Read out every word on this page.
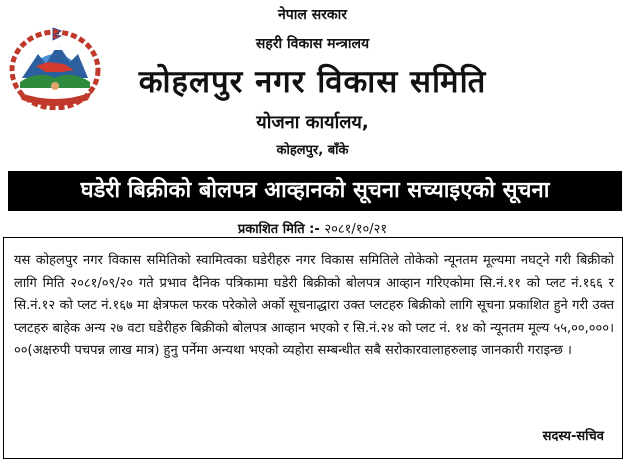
नेपाल सरकार
सहरी विकास मन्त्रालय
कोहलपुर नगर विकास समिति
योजना कार्यालय,
कोहलपुर, बाँके
घडेरी बिक्रीको बोलपत्र आव्हानको सूचना सच्याइएको सूचना
प्रकाशित मिति :- २०८१/१०/२१

यस कोहलपुर नगर विकास समितिको स्वामित्वका घडेरीहरु नगर विकास समितिले तोकेको न्यूनतम मूल्यमा नघट्ने गरी बिक्रीको लागि मिति २०८१/०९/२० गते प्रभाव दैनिक पत्रिकामा घडेरी बिक्रीको बोलपत्र आव्हान गरिएकोमा सि.नं.११ को प्लट नं.१६६ र सि.नं.१२ को प्लट नं.१६७ मा क्षेत्रफल फरक परेकोले अर्को सूचनाद्धारा उक्त प्लटहरु बिक्रीको लागि सूचना प्रकाशित हुने गरी उक्त प्लटहरु बाहेक अन्य २७ वटा घडेरीहरु बिक्रीको बोलपत्र आव्हान भएको र सि.नं.२४ को प्लट नं. १४ को न्यूनतम मूल्य ५५,००,०००।००(अक्षरुपी पचपन्न लाख मात्र) हुनु पर्नेमा अन्यथा भएको व्यहोरा सम्बन्धीत सबै सरोकारवालाहरुलाइ जानकारी गराइन्छ ।

सदस्य-सचिव
